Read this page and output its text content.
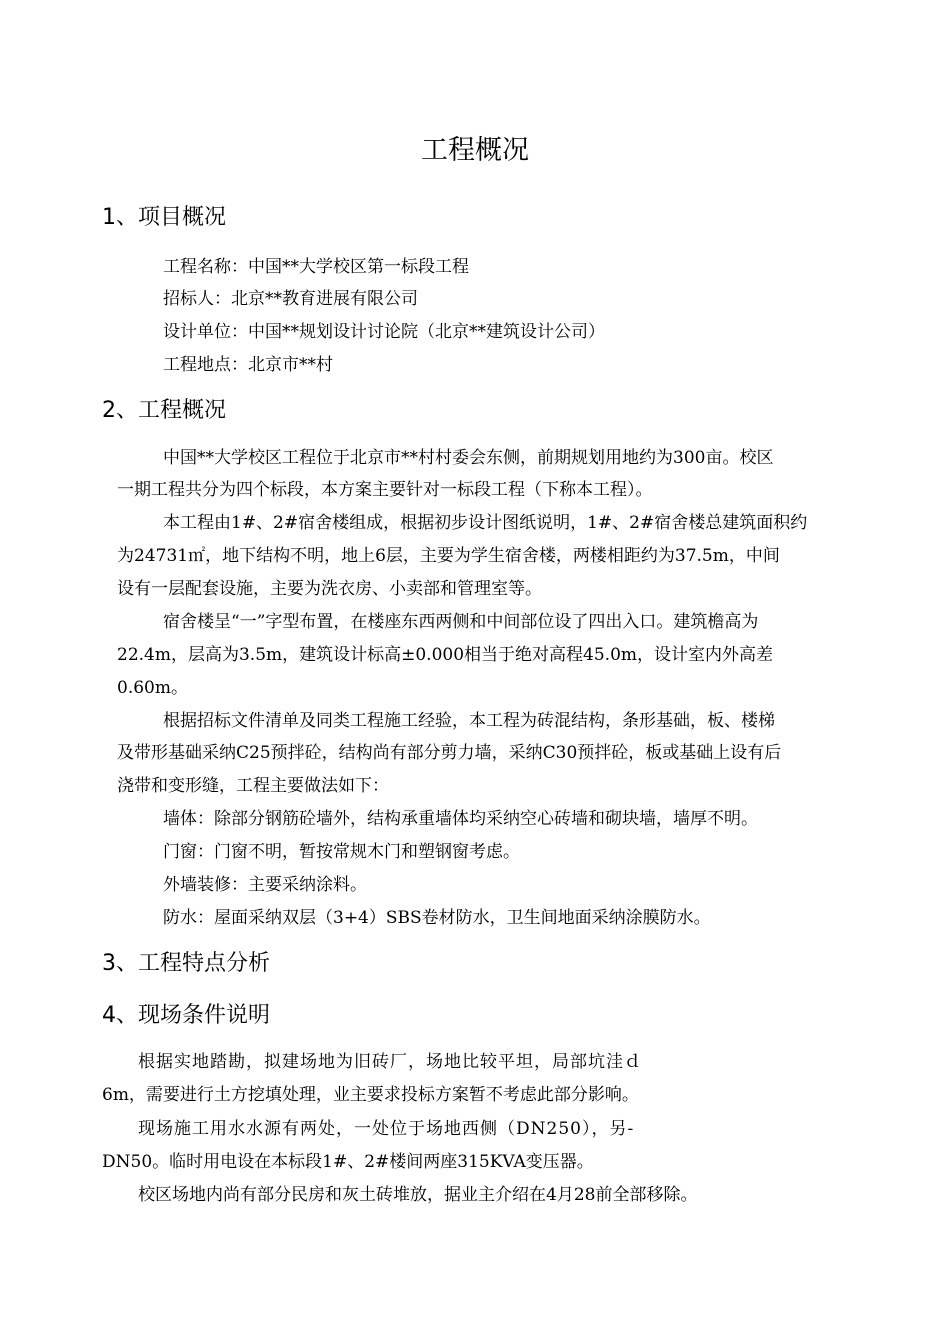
工程概况
1、项目概况
工程名称：中国**大学校区第一标段工程
招标人：北京**教育进展有限公司
设计单位：中国**规划设计讨论院（北京**建筑设计公司）
工程地点：北京市**村
2、工程概况
中国**大学校区工程位于北京市**村村委会东侧，前期规划用地约为300亩。校区
一期工程共分为四个标段，本方案主要针对一标段工程（下称本工程）。
本工程由1#、2#宿舍楼组成，根据初步设计图纸说明，1#、2#宿舍楼总建筑面积约
为24731㎡，地下结构不明，地上6层，主要为学生宿舍楼，两楼相距约为37.5m，中间
设有一层配套设施，主要为洗衣房、小卖部和管理室等。
宿舍楼呈“一”字型布置，在楼座东西两侧和中间部位设了四出入口。建筑檐高为
22.4m，层高为3.5m，建筑设计标高±0.000相当于绝对高程45.0m，设计室内外高差
0.60m。
根据招标文件清单及同类工程施工经验，本工程为砖混结构，条形基础，板、楼梯
及带形基础采纳C25预拌砼，结构尚有部分剪力墙，采纳C30预拌砼，板或基础上设有后
浇带和变形缝，工程主要做法如下：
墙体：除部分钢筋砼墙外，结构承重墙体均采纳空心砖墙和砌块墙，墙厚不明。
门窗：门窗不明，暂按常规木门和塑钢窗考虑。
外墙装修：主要采纳涂料。
防水：屋面采纳双层（3+4）SBS卷材防水，卫生间地面采纳涂膜防水。
3、工程特点分析
4、现场条件说明
根据实地踏勘，拟建场地为旧砖厂，场地比较平坦，局部坑洼ｄ
6m，需要进行土方挖填处理，业主要求投标方案暂不考虑此部分影响。
现场施工用水水源有两处，一处位于场地西侧（DN250），另-
DN50。临时用电设在本标段1#、2#楼间两座315KVA变压器。
校区场地内尚有部分民房和灰土砖堆放，据业主介绍在4月28前全部移除。
